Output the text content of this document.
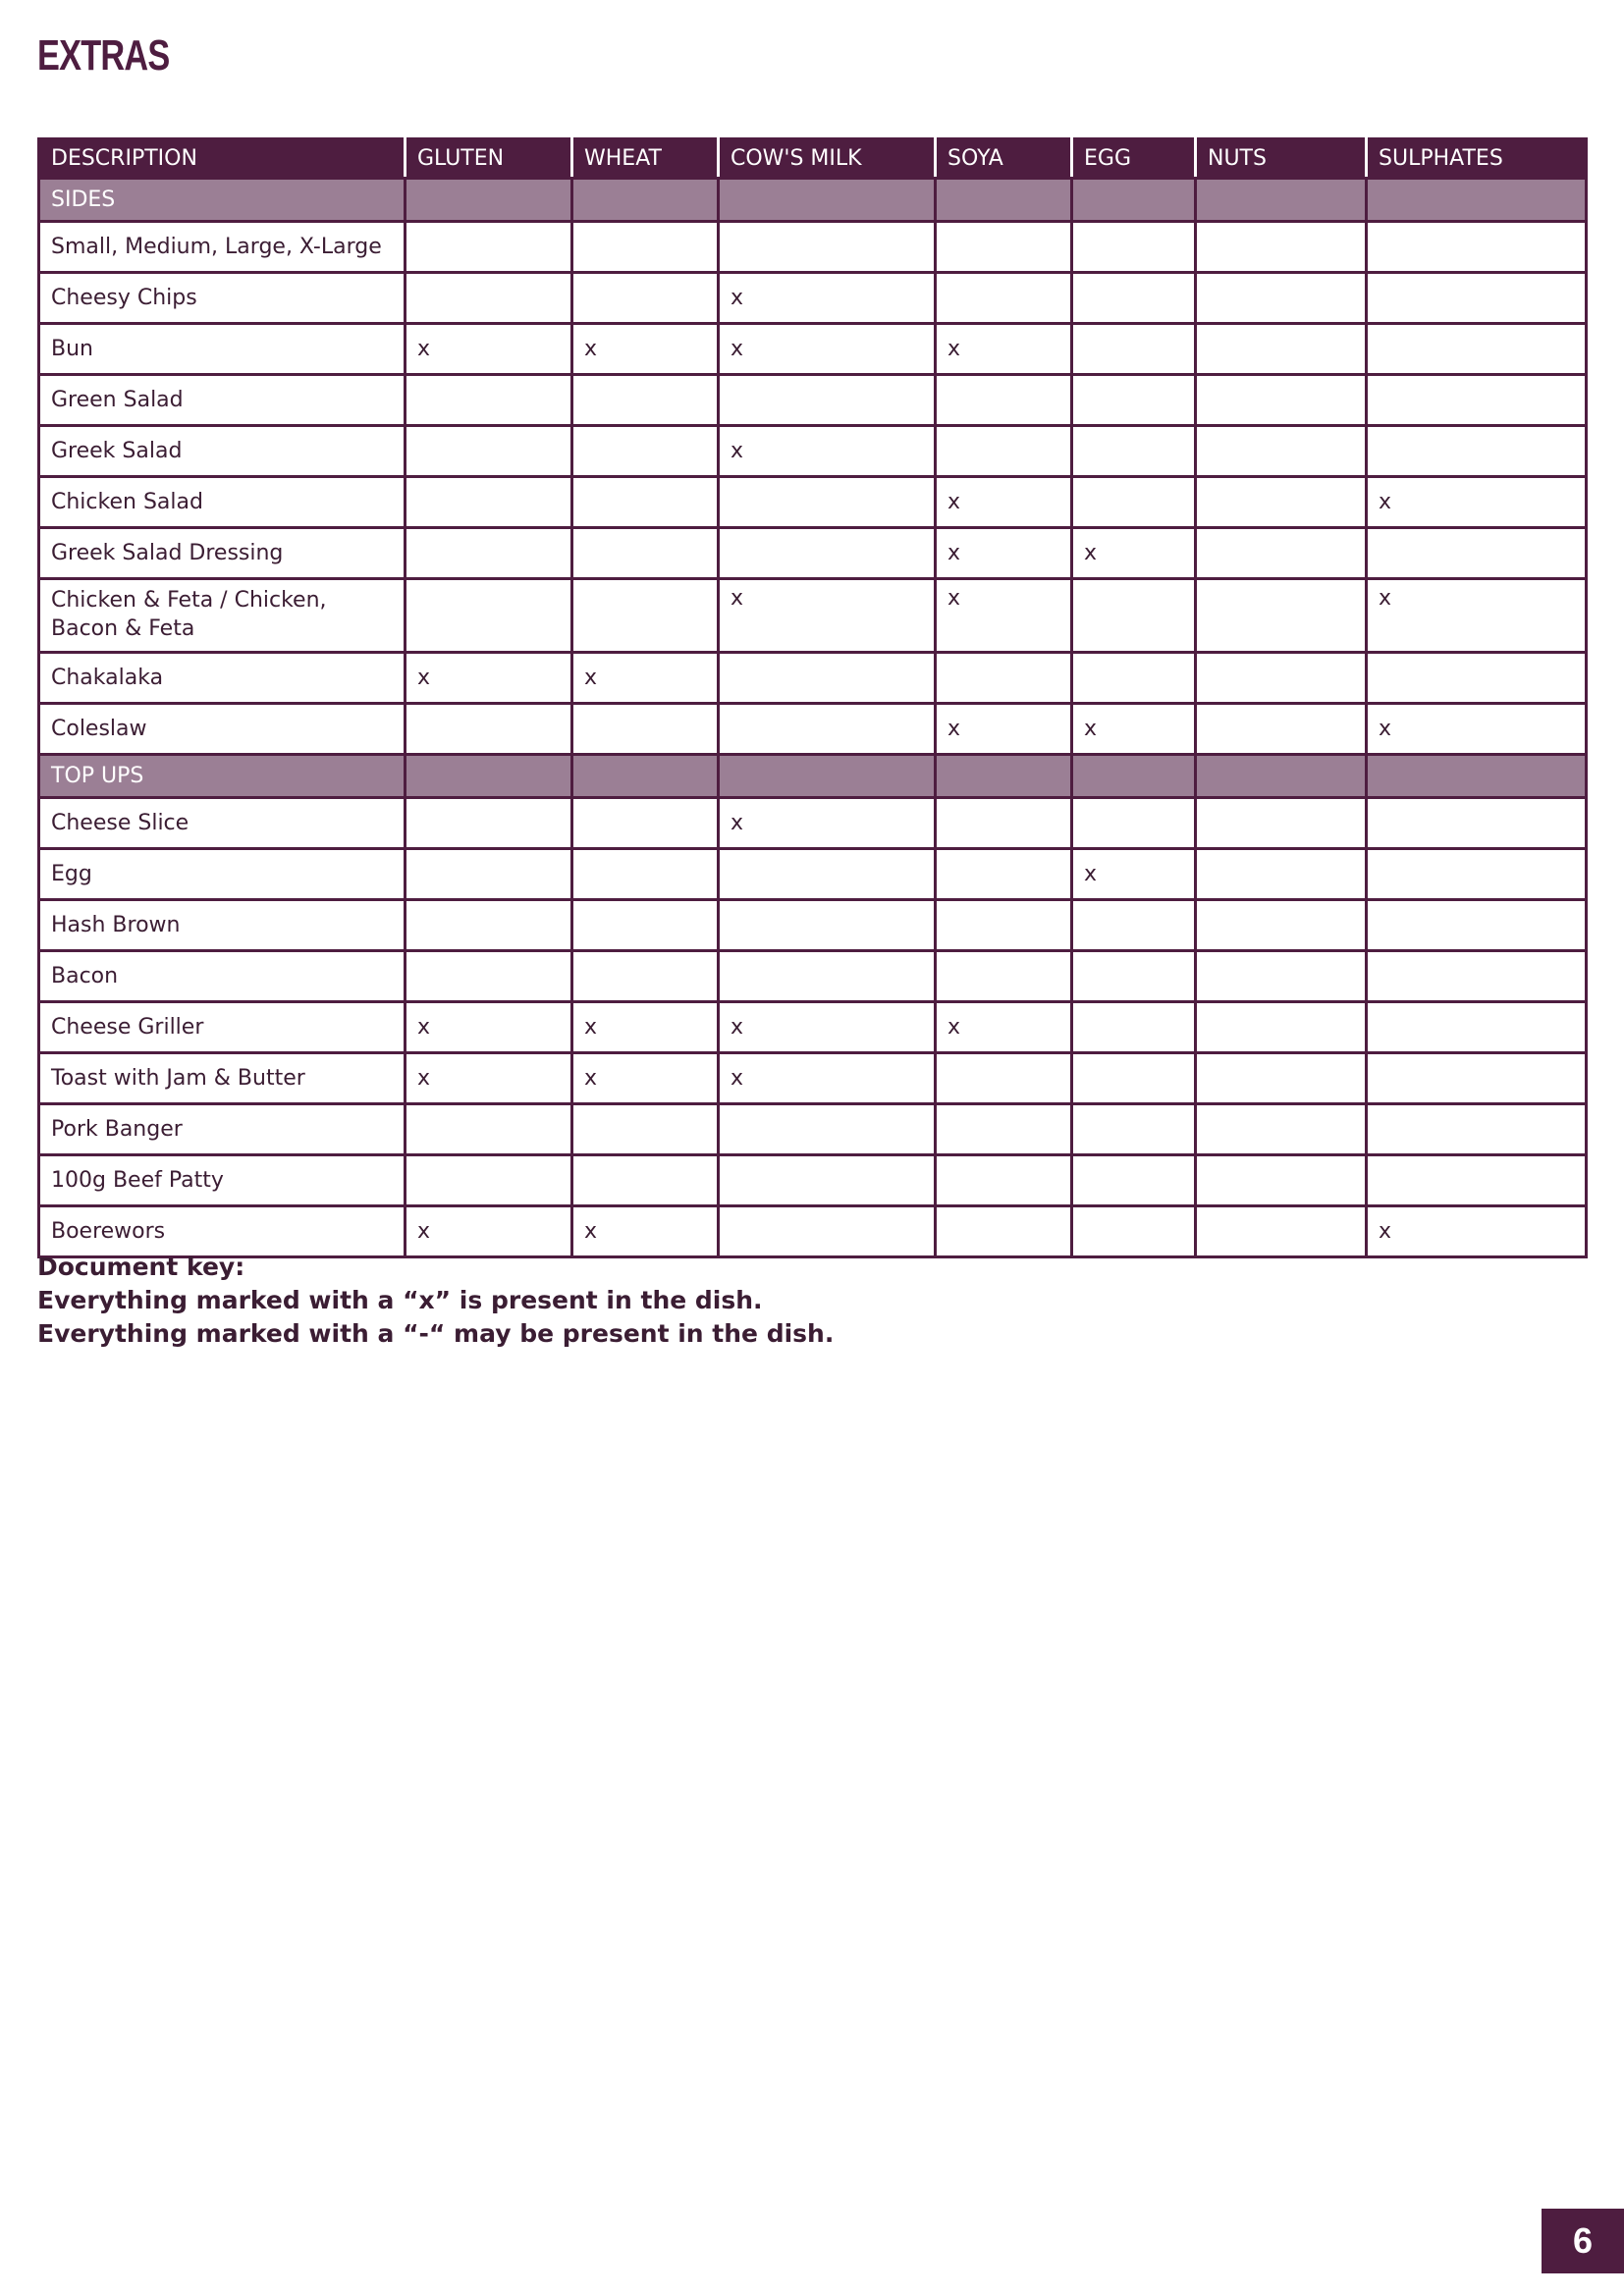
EXTRAS
DESCRIPTION	GLUTEN	WHEAT	COW'S MILK	SOYA	EGG	NUTS	SULPHATES
SIDES							
Small, Medium, Large, X-Large							
Cheesy Chips			x				
Bun	x	x	x	x			
Green Salad							
Greek Salad			x				
Chicken Salad				x			x
Greek Salad Dressing				x	x		
Chicken & Feta / Chicken, Bacon & Feta			x	x			x
Chakalaka	x	x					
Coleslaw				x	x		x
TOP UPS							
Cheese Slice			x				
Egg					x		
Hash Brown							
Bacon							
Cheese Griller	x	x	x	x			
Toast with Jam & Butter	x	x	x				
Pork Banger							
100g Beef Patty							
Boerewors	x	x					x
Document key:
Everything marked with a “x” is present in the dish.
Everything marked with a “-“ may be present in the dish.
6
